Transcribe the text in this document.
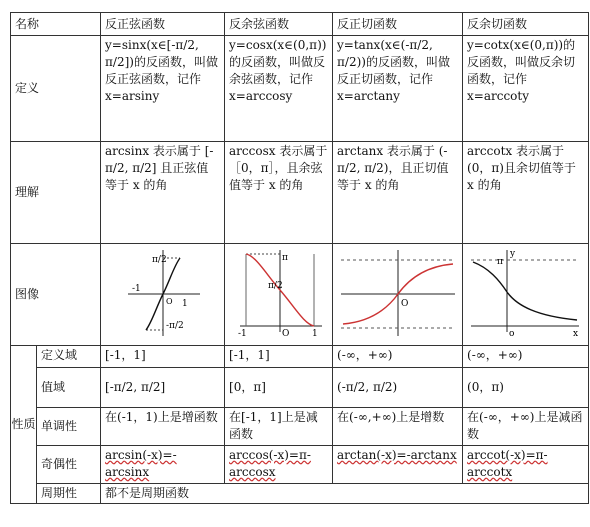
名称		反正弦函数	反余弦函数	反正切函数	反余切函数
定义		y=sinx(x∈[-π/2, π/2])的反函数，叫做反正弦函数，记作 x=arsiny	y=cosx(x∈(0,π))的反函数，叫做反余弦函数，记作 x=arccosy	y=tanx(x∈(-π/2, π/2))的反函数，叫做反正切函数，记作 x=arctany	y=cotx(x∈(0,π))的反函数，叫做反余切函数，记作 x=arccoty
理解		arcsinx 表示属于 [-π/2, π/2] 且正弦值等于 x 的角	arccosx 表示属于［0，π］，且余弦值等于 x 的角	arctanx 表示属于 (-π/2, π/2)，且正切值等于 x 的角	arccotx 表示属于 (0，π)且余切值等于 x 的角
图像		π/2
-π/2
-1
1
O	π
π/2
-1 O 1	O	y
π
o x

性质	定义域	[-1，1]	[-1，1]	(-∞，+∞)	(-∞，+∞)
	值域	[-π/2, π/2]	[0，π]	(-π/2, π/2)	(0，π)
	单调性	在(-1，1)上是增函数	在[-1，1]上是减函数	在(-∞,+∞)上是增数	在(-∞，+∞)上是减函数
	奇偶性	arcsin(-x)=-arcsinx	arccos(-x)=π-arccosx	arctan(-x)=-arctanx	arccot(-x)=π-arccotx
	周期性	都不是周期函数			
